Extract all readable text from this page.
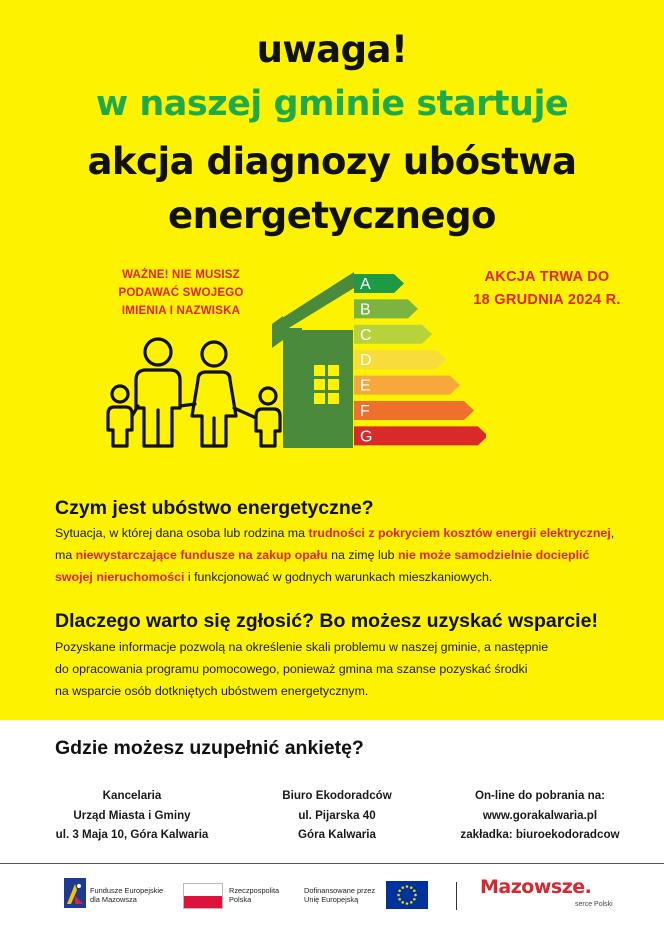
uwaga!
w naszej gminie startuje
akcja diagnozy ubóstwa
energetycznego
WAŻNE! NIE MUSISZ
PODAWAĆ SWOJEGO
IMIENIA I NAZWISKA
AKCJA TRWA DO
18 GRUDNIA 2024 R.
A
B
C
D
E
F
G
Czym jest ubóstwo energetyczne?
Sytuacja, w której dana osoba lub rodzina ma trudności z pokryciem kosztów energii elektrycznej,
ma niewystarczające fundusze na zakup opału na zimę lub nie może samodzielnie docieplić
swojej nieruchomości i funkcjonować w godnych warunkach mieszkaniowych.
Dlaczego warto się zgłosić? Bo możesz uzyskać wsparcie!
Pozyskane informacje pozwolą na określenie skali problemu w naszej gminie, a następnie
do opracowania programu pomocowego, ponieważ gmina ma szanse pozyskać środki
na wsparcie osób dotkniętych ubóstwem energetycznym.
Gdzie możesz uzupełnić ankietę?
Kancelaria
Urząd Miasta i Gminy
ul. 3 Maja 10, Góra Kalwaria
Biuro Ekodoradców
ul. Pijarska 40
Góra Kalwaria
On-line do pobrania na:
www.gorakalwaria.pl
zakładka: biuroekodoradcow
Fundusze Europejskie
dla Mazowsza
Rzeczpospolita
Polska
Dofinansowane przez
Unię Europejską
Mazowsze.
serce Polski
